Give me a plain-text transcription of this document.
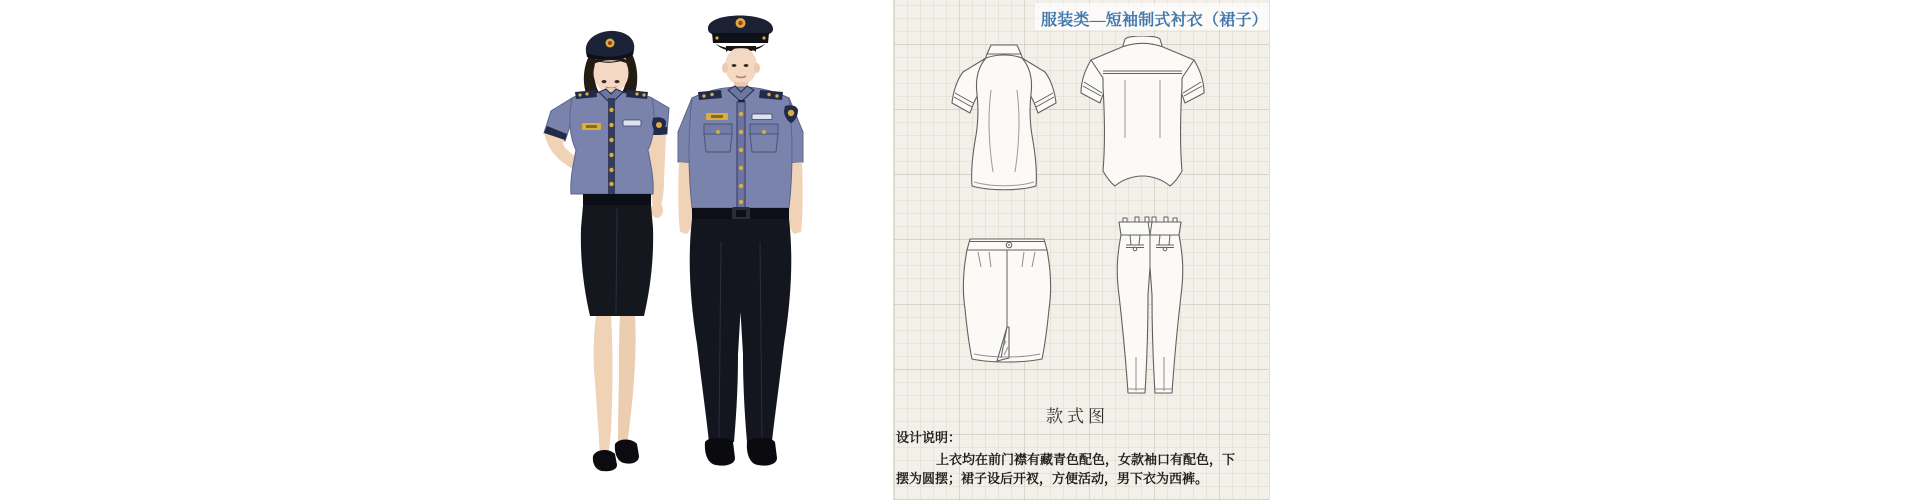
服装类—短袖制式衬衣（裙子）
款式图
设计说明：
上衣均在前门襟有藏青色配色，女款袖口有配色，下
摆为圆摆；裙子设后开衩，方便活动，男下衣为西裤。
